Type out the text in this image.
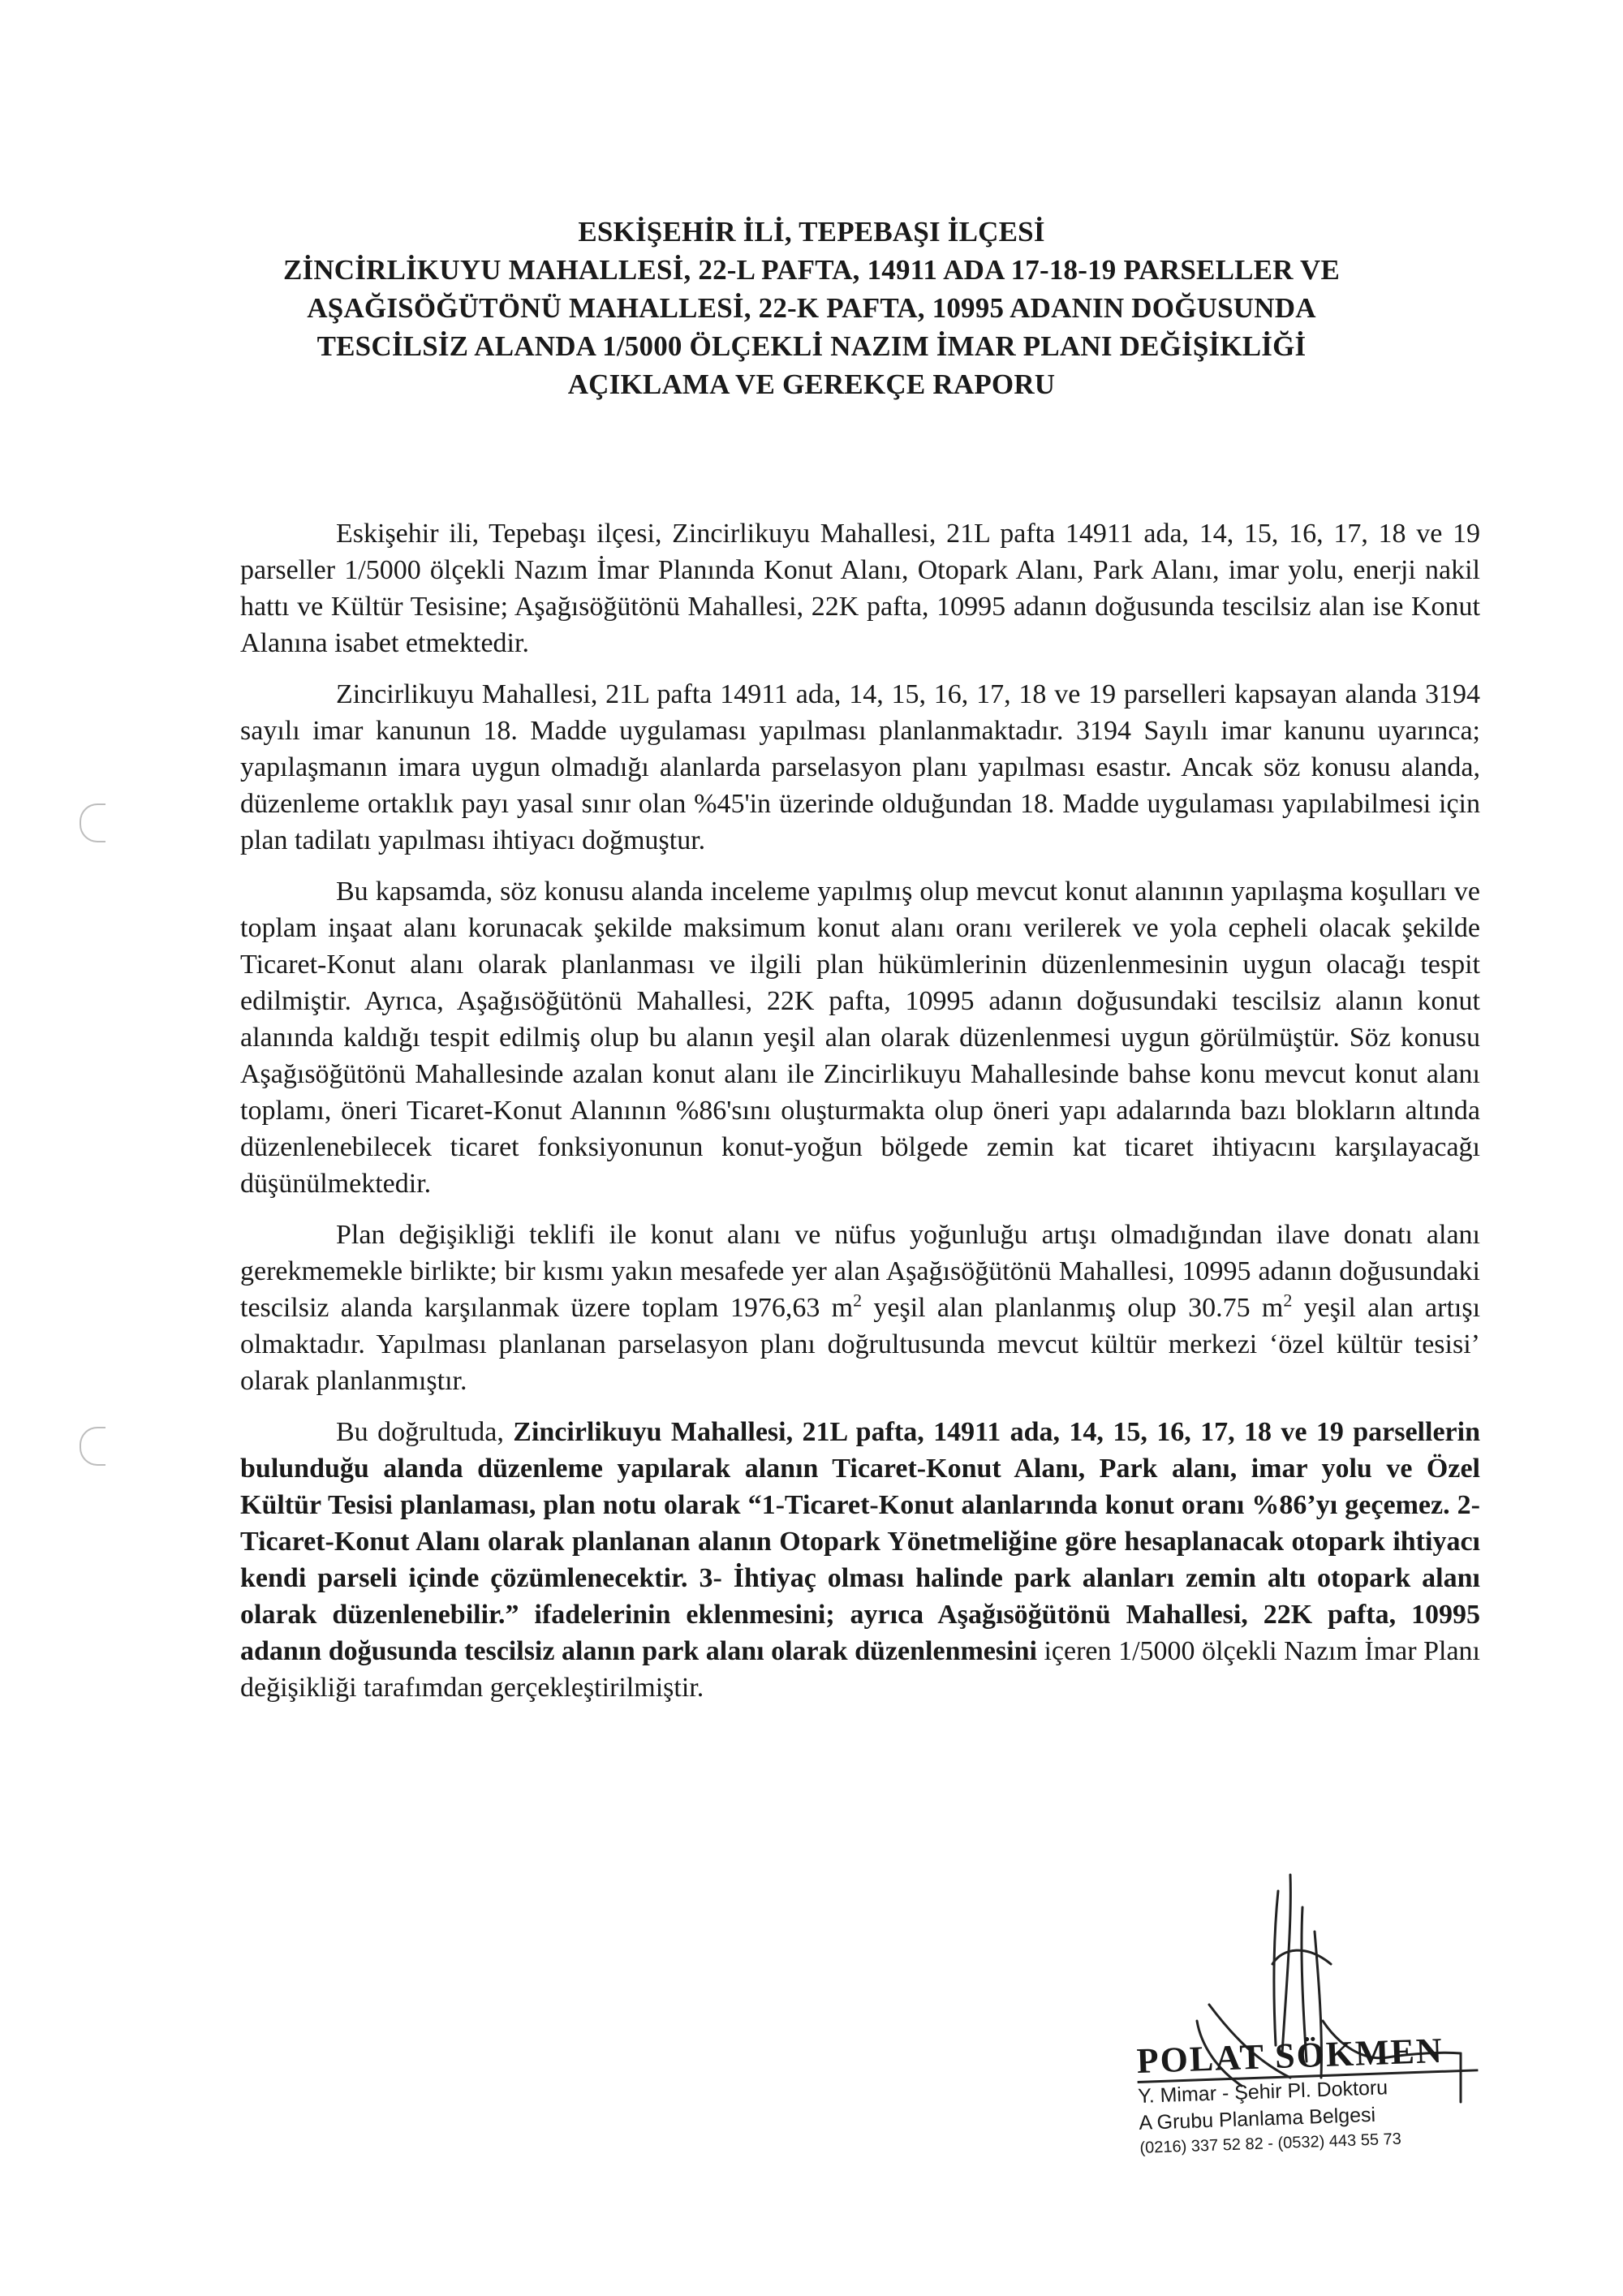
ESKİŞEHİR İLİ, TEPEBAŞI İLÇESİ
ZİNCİRLİKUYU MAHALLESİ, 22-L PAFTA, 14911 ADA 17-18-19 PARSELLER VE
AŞAĞISÖĞÜTÖNÜ MAHALLESİ, 22-K PAFTA, 10995 ADANIN DOĞUSUNDA
TESCİLSİZ ALANDA 1/5000 ÖLÇEKLİ NAZIM İMAR PLANI DEĞİŞİKLİĞİ
AÇIKLAMA VE GEREKÇE RAPORU

Eskişehir ili, Tepebaşı ilçesi, Zincirlikuyu Mahallesi, 21L pafta 14911 ada, 14, 15, 16, 17, 18 ve 19 parseller 1/5000 ölçekli Nazım İmar Planında Konut Alanı, Otopark Alanı, Park Alanı, imar yolu, enerji nakil hattı ve Kültür Tesisine; Aşağısöğütönü Mahallesi, 22K pafta, 10995 adanın doğusunda tescilsiz alan ise Konut Alanına isabet etmektedir.

Zincirlikuyu Mahallesi, 21L pafta 14911 ada, 14, 15, 16, 17, 18 ve 19 parselleri kapsayan alanda 3194 sayılı imar kanunun 18. Madde uygulaması yapılması planlanmaktadır. 3194 Sayılı imar kanunu uyarınca; yapılaşmanın imara uygun olmadığı alanlarda parselasyon planı yapılması esastır. Ancak söz konusu alanda, düzenleme ortaklık payı yasal sınır olan %45'in üzerinde olduğundan 18. Madde uygulaması yapılabilmesi için plan tadilatı yapılması ihtiyacı doğmuştur.

Bu kapsamda, söz konusu alanda inceleme yapılmış olup mevcut konut alanının yapılaşma koşulları ve toplam inşaat alanı korunacak şekilde maksimum konut alanı oranı verilerek ve yola cepheli olacak şekilde Ticaret-Konut alanı olarak planlanması ve ilgili plan hükümlerinin düzenlenmesinin uygun olacağı tespit edilmiştir. Ayrıca, Aşağısöğütönü Mahallesi, 22K pafta, 10995 adanın doğusundaki tescilsiz alanın konut alanında kaldığı tespit edilmiş olup bu alanın yeşil alan olarak düzenlenmesi uygun görülmüştür. Söz konusu Aşağısöğütönü Mahallesinde azalan konut alanı ile Zincirlikuyu Mahallesinde bahse konu mevcut konut alanı toplamı, öneri Ticaret-Konut Alanının %86'sını oluşturmakta olup öneri yapı adalarında bazı blokların altında düzenlenebilecek ticaret fonksiyonunun konut-yoğun bölgede zemin kat ticaret ihtiyacını karşılayacağı düşünülmektedir.

Plan değişikliği teklifi ile konut alanı ve nüfus yoğunluğu artışı olmadığından ilave donatı alanı gerekmemekle birlikte; bir kısmı yakın mesafede yer alan Aşağısöğütönü Mahallesi, 10995 adanın doğusundaki tescilsiz alanda karşılanmak üzere toplam 1976,63 $m^2$ yeşil alan planlanmış olup 30.75 $m^2$ yeşil alan artışı olmaktadır. Yapılması planlanan parselasyon planı doğrultusunda mevcut kültür merkezi ‘özel kültür tesisi’ olarak planlanmıştır.

Bu doğrultuda, Zincirlikuyu Mahallesi, 21L pafta, 14911 ada, 14, 15, 16, 17, 18 ve 19 parsellerin bulunduğu alanda düzenleme yapılarak alanın Ticaret-Konut Alanı, Park alanı, imar yolu ve Özel Kültür Tesisi planlaması, plan notu olarak “1-Ticaret-Konut alanlarında konut oranı %86’yı geçemez. 2-Ticaret-Konut Alanı olarak planlanan alanın Otopark Yönetmeliğine göre hesaplanacak otopark ihtiyacı kendi parseli içinde çözümlenecektir. 3- İhtiyaç olması halinde park alanları zemin altı otopark alanı olarak düzenlenebilir.” ifadelerinin eklenmesini; ayrıca Aşağısöğütönü Mahallesi, 22K pafta, 10995 adanın doğusunda tescilsiz alanın park alanı olarak düzenlenmesini içeren 1/5000 ölçekli Nazım İmar Planı değişikliği tarafımdan gerçekleştirilmiştir.

POLAT SÖKMEN
Y. Mimar - Şehir Pl. Doktoru
A Grubu Planlama Belgesi
(0216) 337 52 82 - (0532) 443 55 73
